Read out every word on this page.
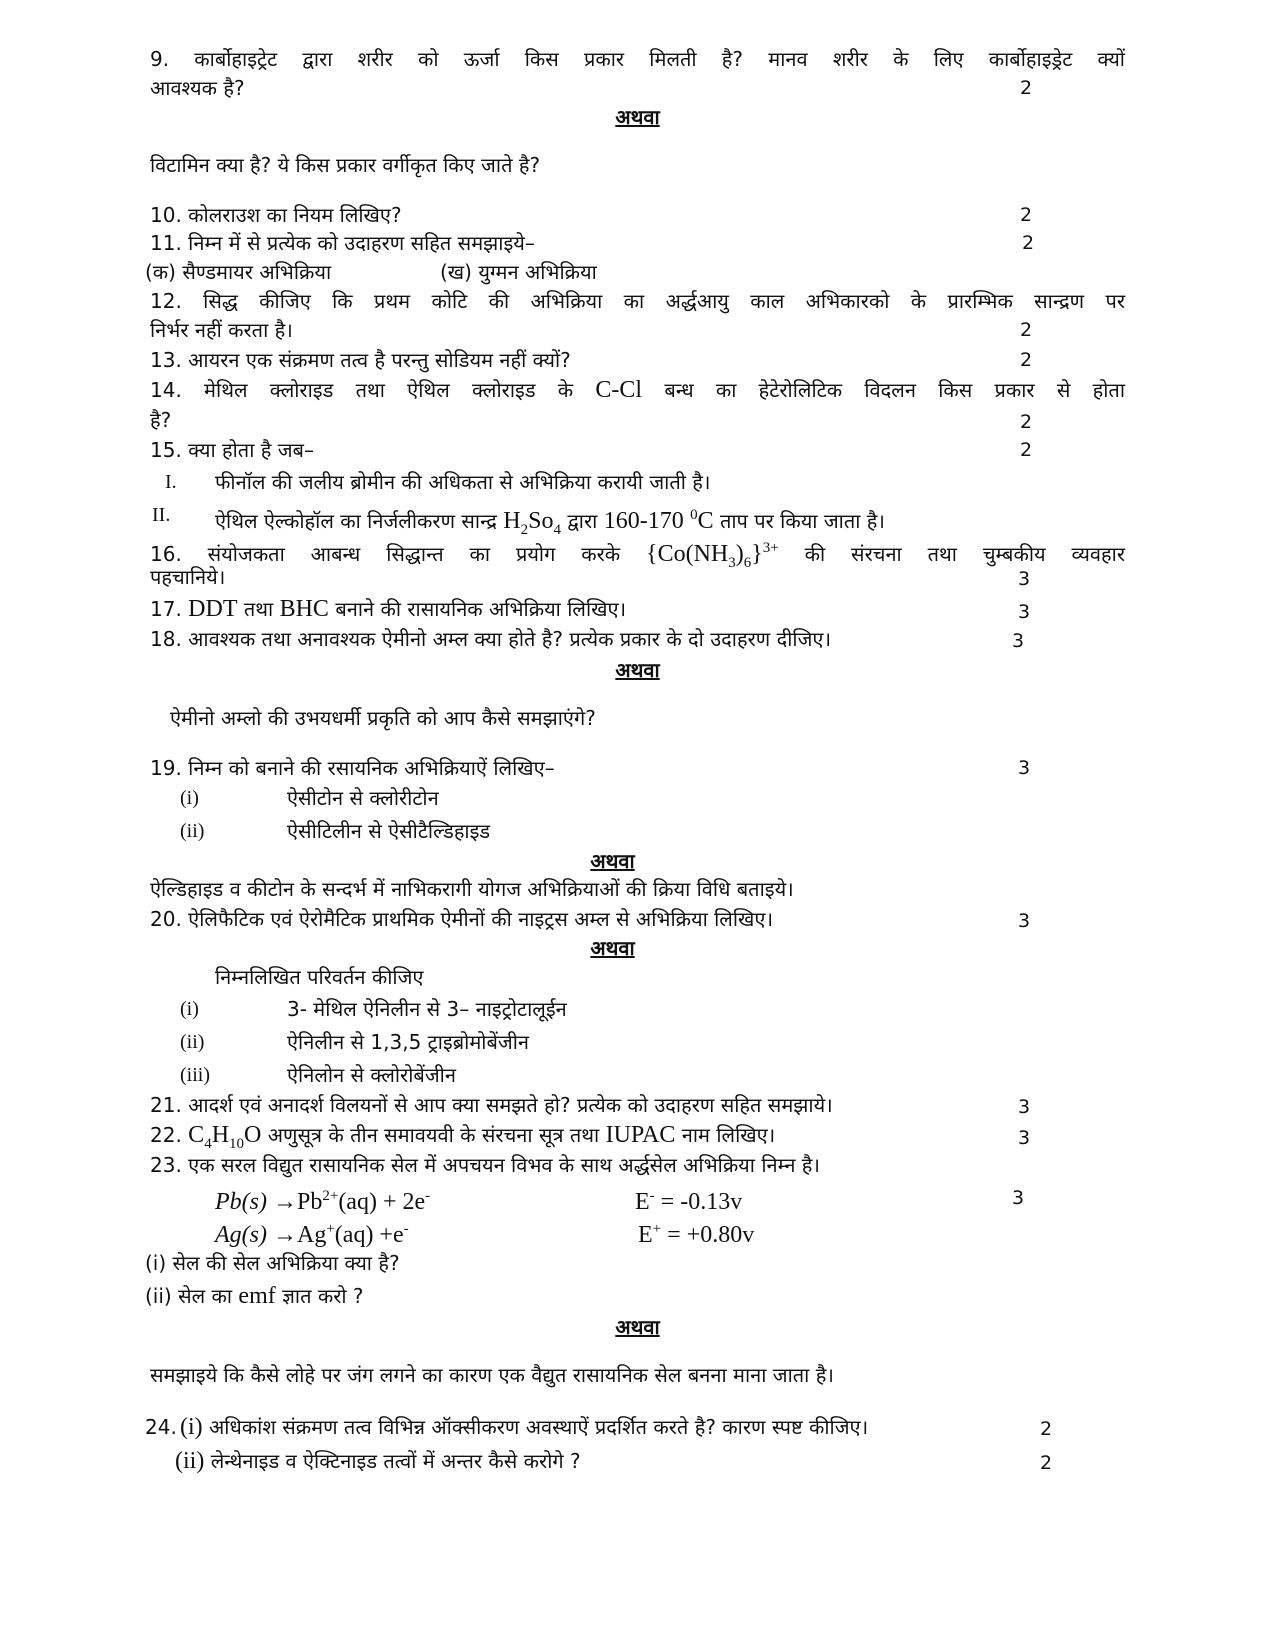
9. कार्बोहाइट्रेट द्वारा शरीर को ऊर्जा किस प्रकार मिलती है? मानव शरीर के लिए कार्बोहाइड्रेट क्यों
आवश्यक है?	2
अथवा
विटामिन क्या है? ये किस प्रकार वर्गीकृत किए जाते है?
10. कोलराउश का नियम लिखिए?	2
11. निम्न में से प्रत्येक को उदाहरण सहित समझाइये–	2
(क) सैण्डमायर अभिक्रिया	(ख) युग्मन अभिक्रिया
12. सिद्ध कीजिए कि प्रथम कोटि की अभिक्रिया का अर्द्धआयु काल अभिकारको के प्रारम्भिक सान्द्रण पर
निर्भर नहीं करता है।	2
13. आयरन एक संक्रमण तत्व है परन्तु सोडियम नहीं क्यों?	2
14. मेथिल क्लोराइड तथा ऐथिल क्लोराइड के C-Cl बन्ध का हेटेरोलिटिक विदलन किस प्रकार से होता
है?	2
15. क्या होता है जब–	2
I. फीनॉल की जलीय ब्रोमीन की अधिकता से अभिक्रिया करायी जाती है।
II. ऐथिल ऐल्कोहॉल का निर्जलीकरण सान्द्र $H_2So_4$ द्वारा 160-170 $^0$C ताप पर किया जाता है।
16. संयोजकता आबन्ध सिद्धान्त का प्रयोग करके $\{Co(NH_3)_6\}^{3+}$ की संरचना तथा चुम्बकीय व्यवहार
पहचानिये।	3
17. DDT तथा BHC बनाने की रासायनिक अभिक्रिया लिखिए।	3
18. आवश्यक तथा अनावश्यक ऐमीनो अम्ल क्या होते है? प्रत्येक प्रकार के दो उदाहरण दीजिए।	3
अथवा
ऐमीनो अम्लो की उभयधर्मी प्रकृति को आप कैसे समझाएंगे?
19. निम्न को बनाने की रसायनिक अभिक्रियाऐं लिखिए–	3
(i)	ऐसीटोन से क्लोरीटोन
(ii)	ऐसीटिलीन से ऐसीटैल्डिहाइड
अथवा
ऐल्डिहाइड व कीटोन के सन्दर्भ में नाभिकरागी योगज अभिक्रियाओं की क्रिया विधि बताइये।
20. ऐलिफैटिक एवं ऐरोमैटिक प्राथमिक ऐमीनों की नाइट्रस अम्ल से अभिक्रिया लिखिए।	3
अथवा
निम्नलिखित परिवर्तन कीजिए
(i)	3- मेथिल ऐनिलीन से 3– नाइट्रोटालूईन
(ii)	ऐनिलीन से 1,3,5 ट्राइब्रोमोबेंजीन
(iii)	ऐनिलोन से क्लोरोबेंजीन
21. आदर्श एवं अनादर्श विलयनों से आप क्या समझते हो? प्रत्येक को उदाहरण सहित समझाये।	3
22. $C_4H_{10}O$ अणुसूत्र के तीन समावयवी के संरचना सूत्र तथा IUPAC नाम लिखिए।	3
23. एक सरल विद्युत रासायनिक सेल में अपचयन विभव के साथ अर्द्धसेल अभिक्रिया निम्न है।
$Pb(s) \to Pb^{2+}(aq) + 2e^-$	E- = -0.13v	3
Ag(s) →Ag+(aq) +e-	E+ = +0.80v
(i) सेल की सेल अभिक्रिया क्या है?
(ii) सेल का emf ज्ञात करो ?
अथवा
समझाइये कि कैसे लोहे पर जंग लगने का कारण एक वैद्युत रासायनिक सेल बनना माना जाता है।
24. (i) अधिकांश संक्रमण तत्व विभिन्न ऑक्सीकरण अवस्थाऐं प्रदर्शित करते है? कारण स्पष्ट कीजिए।	2
(ii) लेन्थेनाइड व ऐक्टिनाइड तत्वों में अन्तर कैसे करोगे ?	2
